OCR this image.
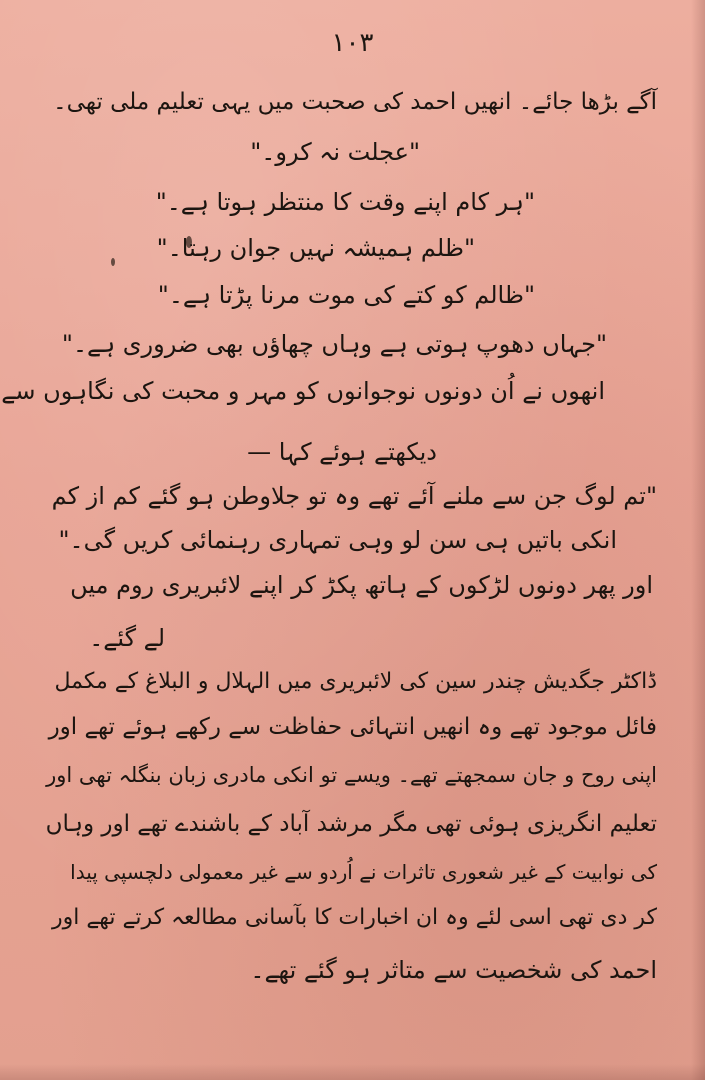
۱۰۳
آگے بڑھا جائے۔ انھیں احمد کی صحبت میں یہی تعلیم ملی تھی۔
"عجلت نہ کرو۔"
"ہر کام اپنے وقت کا منتظر ہوتا ہے۔"
"ظلم ہمیشہ نہیں جوان رہتا۔"
"ظالم کو کتے کی موت مرنا پڑتا ہے۔"
"جہاں دھوپ ہوتی ہے وہاں چھاؤں بھی ضروری ہے۔"
انھوں نے اُن دونوں نوجوانوں کو مہر و محبت کی نگاہوں سے
دیکھتے ہوئے کہا —
"تم لوگ جن سے ملنے آئے تھے وہ تو جلاوطن ہو گئے کم از کم
انکی باتیں ہی سن لو وہی تمہاری رہنمائی کریں گی۔"
اور پھر دونوں لڑکوں کے ہاتھ پکڑ کر اپنے لائبریری روم میں
لے گئے۔
ڈاکٹر جگدیش چندر سین کی لائبریری میں الہلال و البلاغ کے مکمل
فائل موجود تھے وہ انھیں انتہائی حفاظت سے رکھے ہوئے تھے اور
اپنی روح و جان سمجھتے تھے۔ ویسے تو انکی مادری زبان بنگلہ تھی اور
تعلیم انگریزی ہوئی تھی مگر مرشد آباد کے باشندے تھے اور وہاں
کی نوابیت کے غیر شعوری تاثرات نے اُردو سے غیر معمولی دلچسپی پیدا
کر دی تھی اسی لئے وہ ان اخبارات کا بآسانی مطالعہ کرتے تھے اور
احمد کی شخصیت سے متاثر ہو گئے تھے۔
